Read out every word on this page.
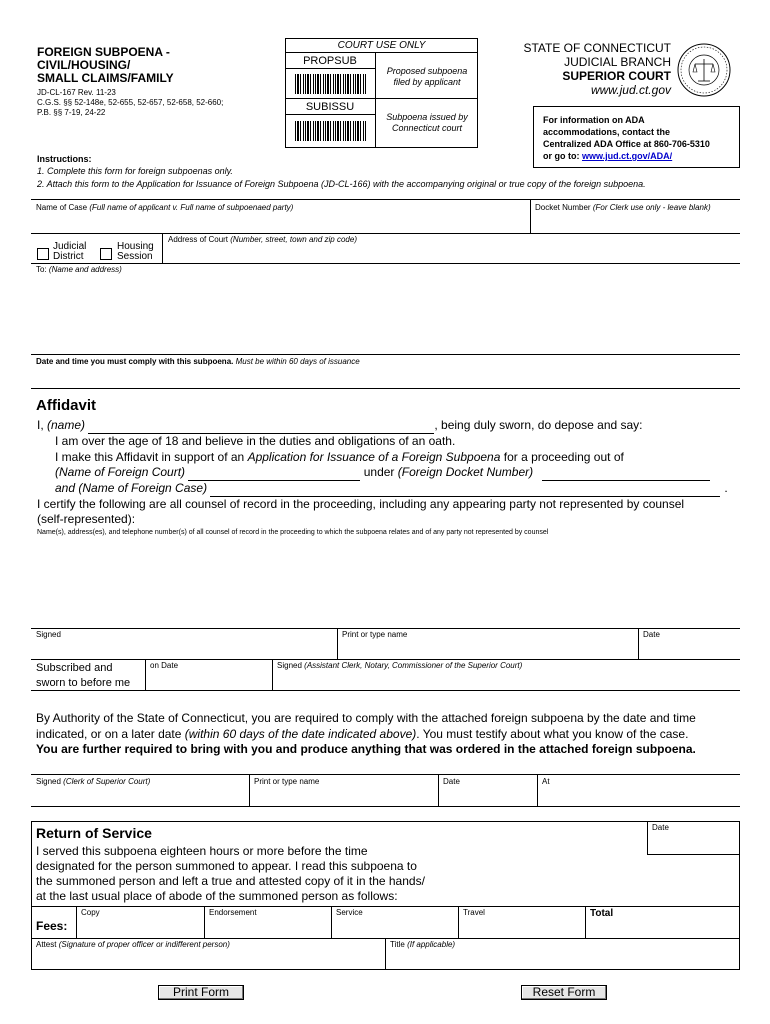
FOREIGN SUBPOENA -
CIVIL/HOUSING/
SMALL CLAIMS/FAMILY
JD-CL-167 Rev. 11-23
C.G.S. §§ 52-148e, 52-655, 52-657, 52-658, 52-660;
P.B. §§ 7-19, 24-22
COURT USE ONLY
PROPSUB
Proposed subpoena filed by applicant
SUBISSU
Subpoena issued by Connecticut court
STATE OF CONNECTICUT
JUDICIAL BRANCH
SUPERIOR COURT
www.jud.ct.gov
For information on ADA
accommodations, contact the
Centralized ADA Office at 860-706-5310
or go to: www.jud.ct.gov/ADA/
Instructions:
1. Complete this form for foreign subpoenas only.
2. Attach this form to the Application for Issuance of Foreign Subpoena (JD-CL-166) with the accompanying original or true copy of the foreign subpoena.
Name of Case (Full name of applicant v. Full name of subpoenaed party)	Docket Number (For Clerk use only - leave blank)
Judicial District
Housing Session
Address of Court (Number, street, town and zip code)
To: (Name and address)
Date and time you must comply with this subpoena. Must be within 60 days of issuance
Affidavit
I, (name)	, being duly sworn, do depose and say:
I am over the age of 18 and believe in the duties and obligations of an oath.
I make this Affidavit in support of an Application for Issuance of a Foreign Subpoena for a proceeding out of
(Name of Foreign Court)	under (Foreign Docket Number)
and (Name of Foreign Case)	.
I certify the following are all counsel of record in the proceeding, including any appearing party not represented by counsel
(self-represented):
Name(s), address(es), and telephone number(s) of all counsel of record in the proceeding to which the subpoena relates and of any party not represented by counsel
Signed	Print or type name	Date
Subscribed and sworn to before me
on Date	Signed (Assistant Clerk, Notary, Commissioner of the Superior Court)
By Authority of the State of Connecticut, you are required to comply with the attached foreign subpoena by the date and time
indicated, or on a later date (within 60 days of the date indicated above). You must testify about what you know of the case.
You are further required to bring with you and produce anything that was ordered in the attached foreign subpoena.
Signed (Clerk of Superior Court)	Print or type name	Date	At
Return of Service	Date
I served this subpoena eighteen hours or more before the time
designated for the person summoned to appear. I read this subpoena to
the summoned person and left a true and attested copy of it in the hands/
at the last usual place of abode of the summoned person as follows:
Fees:
Copy	Endorsement	Service	Travel	Total
Attest (Signature of proper officer or indifferent person)	Title (If applicable)
Print Form	Reset Form
